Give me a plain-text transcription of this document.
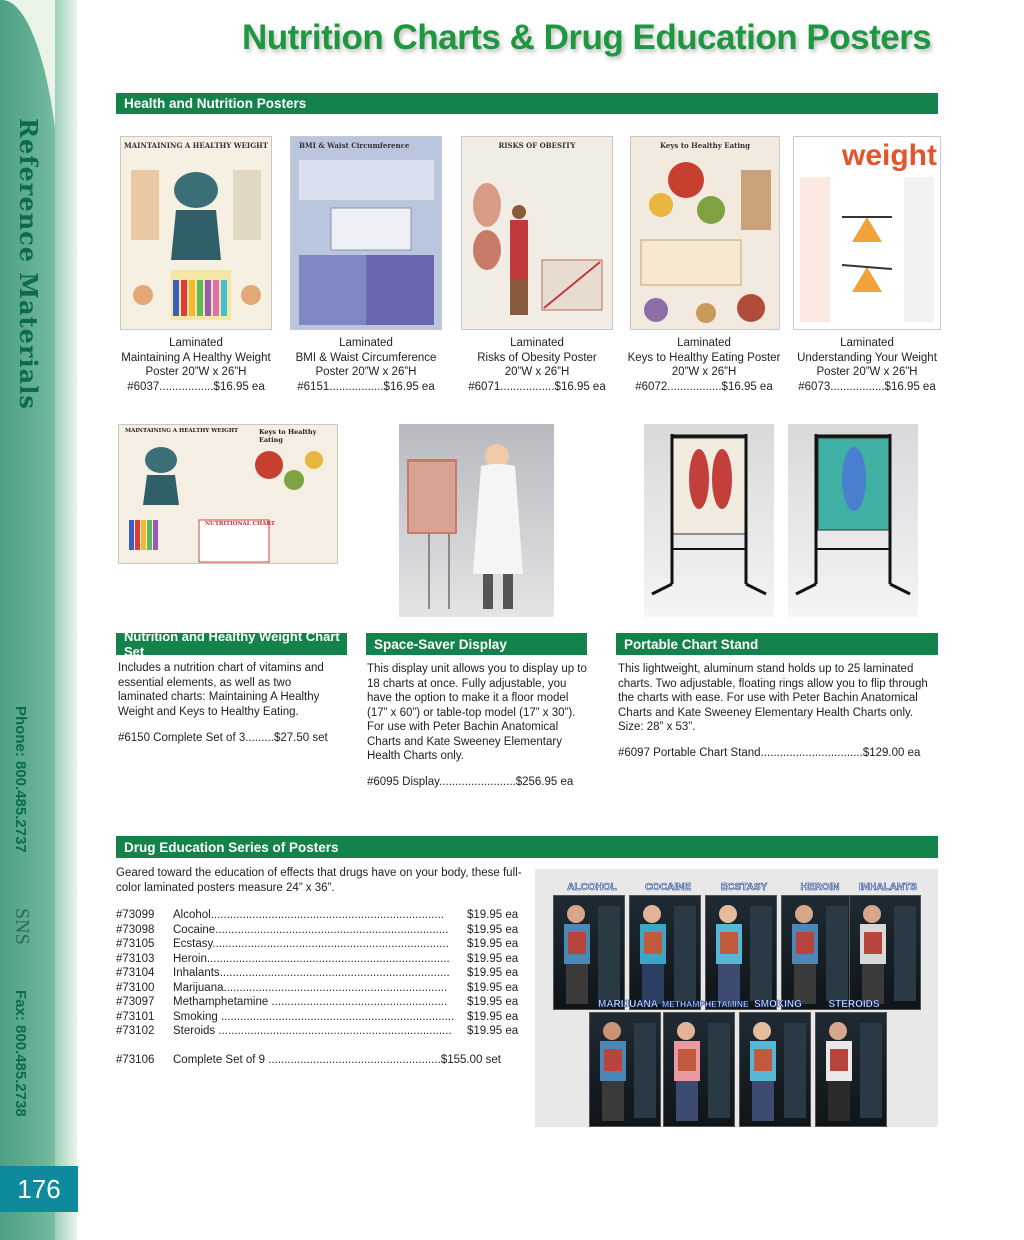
Reference Materials
Phone: 800.485.2737
SNS
Fax: 800.485.2738
176
Nutrition Charts & Drug Education Posters
Health and Nutrition Posters
MAINTAINING A HEALTHY WEIGHT	BMI & Waist Circumference	RISKS OF OBESITY	Keys to Healthy Eating	weight
Laminated
Maintaining A Healthy Weight
Poster 20”W x 26”H
#6037.................$16.95 ea
Laminated
BMI & Waist Circumference
Poster 20”W x 26”H
#6151.................$16.95 ea
Laminated
Risks of Obesity Poster
20”W x 26”H
#6071.................$16.95 ea
Laminated
Keys to Healthy Eating Poster
20”W x 26”H
#6072.................$16.95 ea
Laminated
Understanding Your Weight
Poster 20”W x 26”H
#6073.................$16.95 ea
MAINTAINING A HEALTHY WEIGHT	Keys to Healthy Eating
NUTRITIONAL CHART
Nutrition and Healthy Weight Chart Set	Space-Saver Display	Portable Chart Stand
Includes a nutrition chart of vitamins and essential elements, as well as two laminated charts: Maintaining A Healthy Weight and Keys to Healthy Eating.
#6150 Complete Set of 3.........$27.50 set
This display unit allows you to display up to 18 charts at once. Fully adjustable, you have the option to make it a floor model (17” x 60”) or table-top model (17” x 30”). For use with Peter Bachin Anatomical Charts and Kate Sweeney Elementary Health Charts only.
#6095 Display........................$256.95 ea
This lightweight, aluminum stand holds up to 25 laminated charts. Two adjustable, floating rings allow you to flip through the charts with ease. For use with Peter Bachin Anatomical Charts and Kate Sweeney Elementary Health Charts only. Size: 28” x 53”.
#6097 Portable Chart Stand................................$129.00 ea
Drug Education Series of Posters
Geared toward the education of effects that drugs have on your body, these full-color laminated posters measure 24” x 36”.
#73099	Alcohol.........................................................................	$19.95 ea
#73098	Cocaine.........................................................................	$19.95 ea
#73105	Ecstasy..........................................................................	$19.95 ea
#73103	Heroin............................................................................	$19.95 ea
#73104	Inhalants........................................................................	$19.95 ea
#73100	Marijuana......................................................................	$19.95 ea
#73097	Methamphetamine .......................................................	$19.95 ea
#73101	Smoking .........................................................................	$19.95 ea
#73102	Steroids .........................................................................	$19.95 ea

#73106	Complete Set of 9 ......................................................$155.00 set	
ALCOHOL	COCAINE	ECSTASY	HEROIN	INHALANTS
MARIJUANA METHAMPHETAMINE SMOKING	STEROIDS
